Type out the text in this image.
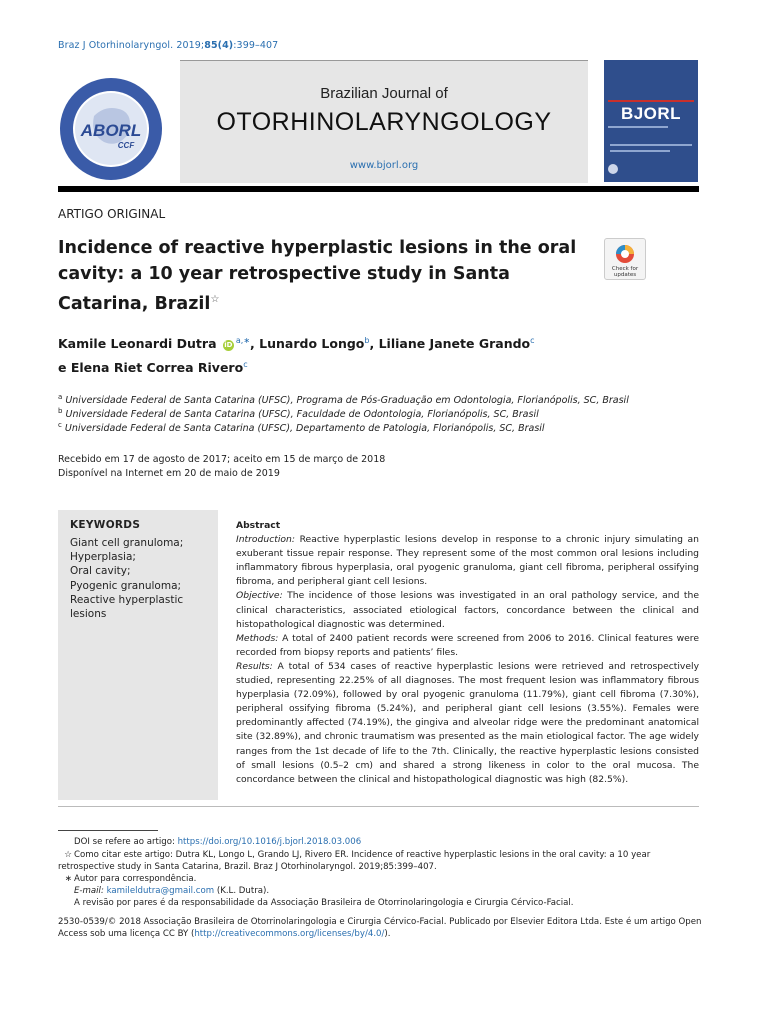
Braz J Otorhinolaryngol. 2019;85(4):399–407
ABORL
CCF
Brazilian Journal of
OTORHINOLARYNGOLOGY
www.bjorl.org
BJORL
ARTIGO ORIGINAL
Incidence of reactive hyperplastic lesions in the oral cavity: a 10 year retrospective study in Santa Catarina, Brazil☆
Check for updates
Kamile Leonardi Dutra $iD^{a,∗}$, Lunardo Longo$^b$, Liliane Janete Grando$^c$
e Elena Riet Correa Rivero$^c$
$^a$ Universidade Federal de Santa Catarina (UFSC), Programa de Pós-Graduação em Odontologia, Florianópolis, SC, Brasil
$^b$ Universidade Federal de Santa Catarina (UFSC), Faculdade de Odontologia, Florianópolis, SC, Brasil
$^c$ Universidade Federal de Santa Catarina (UFSC), Departamento de Patologia, Florianópolis, SC, Brasil
Recebido em 17 de agosto de 2017; aceito em 15 de março de 2018
Disponível na Internet em 20 de maio de 2019
KEYWORDS
Giant cell granuloma;
Hyperplasia;
Oral cavity;
Pyogenic granuloma;
Reactive hyperplastic
lesions

Abstract

Introduction: Reactive hyperplastic lesions develop in response to a chronic injury simulating an exuberant tissue repair response. They represent some of the most common oral lesions including inflammatory fibrous hyperplasia, oral pyogenic granuloma, giant cell fibroma, peripheral ossifying fibroma, and peripheral giant cell lesions.

Objective: The incidence of those lesions was investigated in an oral pathology service, and the clinical characteristics, associated etiological factors, concordance between the clinical and histopathological diagnostic was determined.

Methods: A total of 2400 patient records were screened from 2006 to 2016. Clinical features were recorded from biopsy reports and patients’ files.

Results: A total of 534 cases of reactive hyperplastic lesions were retrieved and retrospectively studied, representing 22.25% of all diagnoses. The most frequent lesion was inflammatory fibrous hyperplasia (72.09%), followed by oral pyogenic granuloma (11.79%), giant cell fibroma (7.30%), peripheral ossifying fibroma (5.24%), and peripheral giant cell lesions (3.55%). Females were predominantly affected (74.19%), the gingiva and alveolar ridge were the predominant anatomical site (32.89%), and chronic traumatism was presented as the main etiological factor. The age widely ranges from the 1st decade of life to the 7th. Clinically, the reactive hyperplastic lesions consisted of small lesions (0.5–2 cm) and shared a strong likeness in color to the oral mucosa. The concordance between the clinical and histopathological diagnostic was high (82.5%).

DOI se refere ao artigo: https://doi.org/10.1016/j.bjorl.2018.03.006
☆ Como citar este artigo: Dutra KL, Longo L, Grando LJ, Rivero ER. Incidence of reactive hyperplastic lesions in the oral cavity: a 10 year retrospective study in Santa Catarina, Brazil. Braz J Otorhinolaryngol. 2019;85:399–407.
∗ Autor para correspondência.
E-mail: kamileldutra@gmail.com (K.L. Dutra).
A revisão por pares é da responsabilidade da Associação Brasileira de Otorrinolaringologia e Cirurgia Cérvico-Facial.
2530-0539/© 2018 Associação Brasileira de Otorrinolaringologia e Cirurgia Cérvico-Facial. Publicado por Elsevier Editora Ltda. Este é um artigo Open Access sob uma licença CC BY (http://creativecommons.org/licenses/by/4.0/).
